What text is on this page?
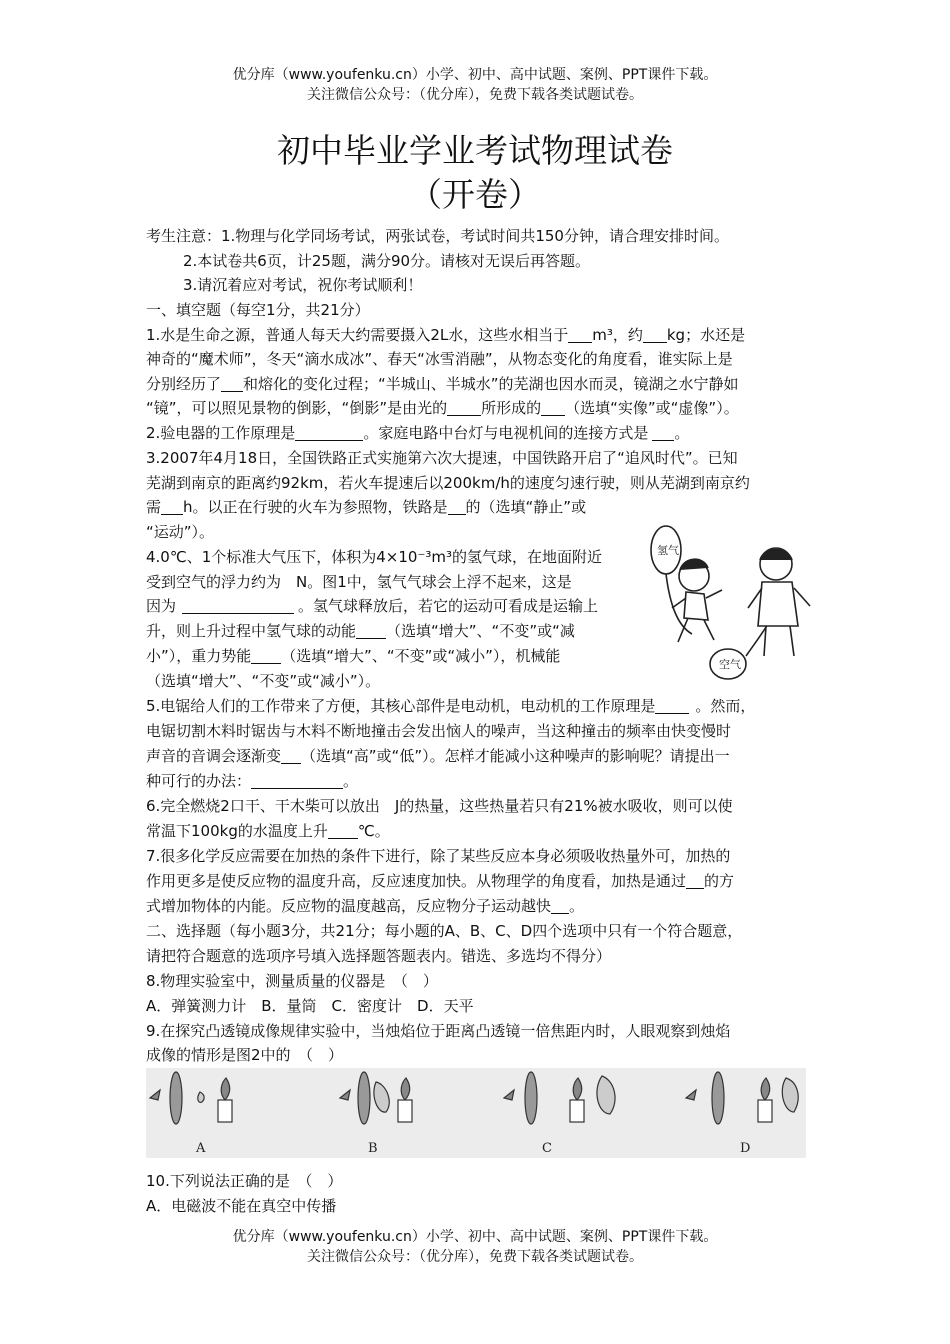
优分库（www.youfenku.cn）小学、初中、高中试题、案例、PPT课件下载。
关注微信公众号：（优分库），免费下载各类试题试卷。
初中毕业学业考试物理试卷
（开卷）
考生注意：1.物理与化学同场考试，两张试卷，考试时间共150分钟，请合理安排时间。
2.本试卷共6页，计25题，满分90分。请核对无误后再答题。
3.请沉着应对考试，祝你考试顺利！
一、填空题（每空1分，共21分）
1.水是生命之源，普通人每天大约需要摄入2L水，这些水相当于 m³，约 kg；水还是
神奇的“魔术师”，冬天“滴水成冰”、春天“冰雪消融”，从物态变化的角度看，谁实际上是
分别经历了 和熔化的变化过程；“半城山、半城水”的芜湖也因水而灵，镜湖之水宁静如
“镜”，可以照见景物的倒影，“倒影”是由光的 所形成的 （选填“实像”或“虚像”）。
2.验电器的工作原理是	。家庭电路中台灯与电视机间的连接方式是 。
3.2007年4月18日，全国铁路正式实施第六次大提速，中国铁路开启了“追风时代”。已知
芜湖到南京的距离约92km，若火车提速后以200km/h的速度匀速行驶，则从芜湖到南京约
需 h。以正在行驶的火车为参照物，铁路是 的（选填“静止”或
“运动”）。
4.0℃、1个标准大气压下，体积为4×10⁻³m³的氢气球，在地面附近
受到空气的浮力约为　N。图1中，氢气气球会上浮不起来，这是
因为	。氢气球释放后，若它的运动可看成是运输上
升，则上升过程中氢气球的动能 （选填“增大”、“不变”或“减
小”），重力势能 （选填“增大”、“不变”或“减小”），机械能
（选填“增大”、“不变”或“减小”）。
氢气
空气
5.电锯给人们的工作带来了方便，其核心部件是电动机，电动机的工作原理是	。然而，
电锯切割木料时锯齿与木料不断地撞击会发出恼人的噪声，当这种撞击的频率由快变慢时
声音的音调会逐渐变 （选填“高”或“低”）。怎样才能减小这种噪声的影响呢？请提出一
种可行的办法：	。
6.完全燃烧2口干、干木柴可以放出　J的热量，这些热量若只有21%被水吸收，则可以使
常温下100kg的水温度上升 ℃。
7.很多化学反应需要在加热的条件下进行，除了某些反应本身必须吸收热量外可，加热的
作用更多是使反应物的温度升高，反应速度加快。从物理学的角度看，加热是通过 的方
式增加物体的内能。反应物的温度越高，反应物分子运动越快 。
二、选择题（每小题3分，共21分；每小题的A、B、C、D四个选项中只有一个符合题意，
请把符合题意的选项序号填入选择题答题表内。错选、多选均不得分）
8.物理实验室中，测量质量的仪器是　（　）
A．弹簧测力计　B．量筒　C．密度计　D．天平
9.在探究凸透镜成像规律实验中，当烛焰位于距离凸透镜一倍焦距内时，人眼观察到烛焰
成像的情形是图2中的　（　）
A	B	C	D
10.下列说法正确的是　（　）
A．电磁波不能在真空中传播
优分库（www.youfenku.cn）小学、初中、高中试题、案例、PPT课件下载。
关注微信公众号：（优分库），免费下载各类试题试卷。
